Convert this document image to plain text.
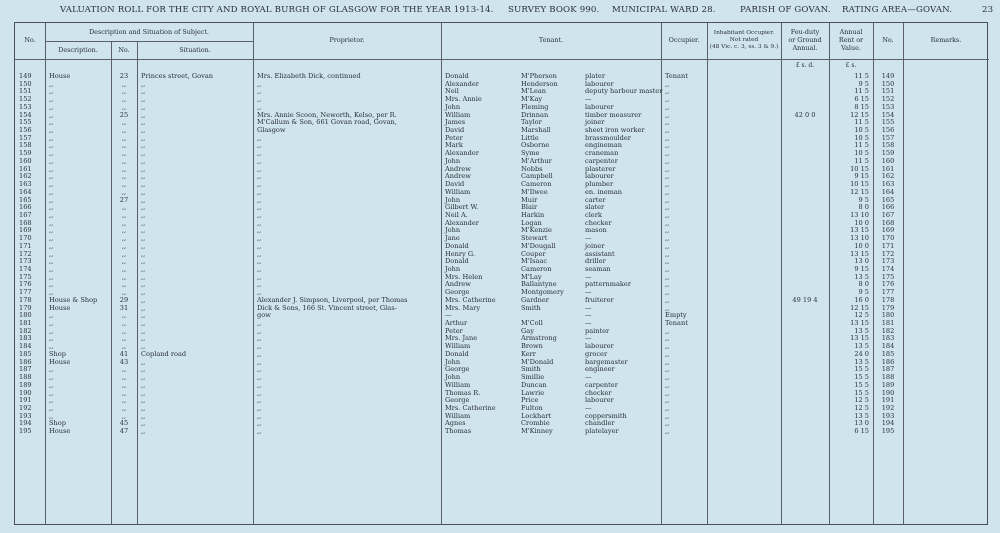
VALUATION ROLL FOR THE CITY AND ROYAL BURGH OF GLASGOW FOR THE YEAR 1913-14. SURVEY BOOK 990. MUNICIPAL WARD 28.	PARISH OF GOVAN. RATING AREA—GOVAN.	23
No.
Description and Situation of Subject.
Description.	No.	Situation.
Proprietor.	Tenant.	Occupier.
Inhabitant Occupier.
Not rated
(48 Vic. c. 3, ss. 3 & 9.)
Feu-duty
or Ground
Annual.
Annual
Rent or
Value.
No.	Remarks.
£ s. d.	£ s.
149	House	23	Princes street, Govan	Mrs. Elizabeth Dick, continued	Donald	M'Pherson	plater	Tenant	11 5	149
150	,,	,,	,,	,,	Alexander	Henderson	labourer	,,	9 5	150
151	,,	,,	,,	,,	Neil	M'Lean	deputy harbour master ,,	11 5	151
152	,,	,,	,,	,,	Mrs. Annie	M'Kay	—	,,	6 15	152
153	,,	,,	,,	,,	John	Fleming	labourer	,,	8 15	153
154	,,	25	,,	Mrs. Annie Scoon, Neworth, Kelso, per R.	William	Drinnan	timber measurer	,,	42 0 0	12 15	154
155	,,	,,	,,	M'Callum & Son, 661 Govan road, Govan,	James	Taylor	joiner	,,	11 5	155
156	,,	,,	,,	Glasgow	David	Marshall	sheet iron worker	,,	10 5	156
157	,,	,,	,,	,,	Peter	Little	brassmoulder	,,	10 5	157
158	,,	,,	,,	,,	Mark	Osborne	engineman	,,	11 5	158
159	,,	,,	,,	,,	Alexander	Syme	craneman	,,	10 5	159
160	,,	,,	,,	,,	John	M'Arthur	carpenter	,,	11 5	160
161	,,	,,	,,	,,	Andrew	Nobbs	plasterer	,,	10 15	161
162	,,	,,	,,	,,	Andrew	Campbell	labourer	,,	9 15	162
163	,,	,,	,,	,,	David	Cameron	plumber	,,	10 15	163
164	,,	,,	,,	,,	William	M'Ilwee	en. ineman	,,	12 15	164
165	,,	27	,,	,,	John	Muir	carter	,,	9 5	165
166	,,	,,	,,	,,	Gilbert W.	Blair	slater	,,	8 0	166
167	,,	,,	,,	,,	Neil A.	Harkin	clerk	,,	13 10	167
168	,,	,,	,,	,,	Alexander	Logan	checker	,,	10 0	168
169	,,	,,	,,	,,	John	M'Kenzie	mason	,,	13 15	169
170	,,	,,	,,	,,	Jane	Stewart	—	,,	13 10	170
171	,,	,,	,,	,,	Donald	M'Dougall	joiner	,,	10 0	171
172	,,	,,	,,	,,	Henry G.	Couper	assistant	,,	13 15	172
173	,,	,,	,,	,,	Donald	M'Isaac	driller	,,	13 0	173
174	,,	,,	,,	,,	John	Cameron	seaman	,,	9 15	174
175	,,	,,	,,	,,	Mrs. Helen	M'Lay	—	,,	13 5	175
176	,,	,,	,,	,,	Andrew	Ballantyne	patternmaker	,,	8 0	176
177	,,	,,	,,	,,	George	Montgomery	—	,,	9 5	177
178	House & Shop	29	,,	Alexander J. Simpson, Liverpool, per Thomas	Mrs. Catherine	Gardner	fruiterer	,,	49 19 4	16 0	178
179	House	31	,,	Dick & Sons, 166 St. Vincent street, Glas-	Mrs. Mary	Smith	—	,,	12 15	179
180	,,	,,	,,	gow	—	—	Empty	12 5	180
181	,,	,,	,,	,,	Arthur	M'Coll	—	Tenant	13 15	181
182	,,	,,	,,	,,	Peter	Gay	painter	,,	13 5	182
183	,,	,,	,,	,,	Mrs. Jane	Armstrong	—	,,	13 15	183
184	,,	,,	,,	,,	William	Brown	labourer	,,	13 5	184
185	Shop	41	Copland road	,,	Donald	Kerr	grocer	,,	24 0	185
186	House	43	,,	,,	John	M'Donald	bargemaster	,,	13 5	186
187	,,	,,	,,	,,	George	Smith	engineer	,,	15 5	187
188	,,	,,	,,	,,	John	Smillie	—	,,	15 5	188
189	,,	,,	,,	,,	William	Duncan	carpenter	,,	15 5	189
190	,,	,,	,,	,,	Thomas R.	Lawrie	checker	,,	15 5	190
191	,,	,,	,,	,,	George	Price	labourer	,,	12 5	191
192	,,	,,	,,	,,	Mrs. Catherine	Fulton	—	,,	12 5	192
193	,,	,,	,,	,,	William	Lockhart	coppersmith	,,	13 5	193
194	Shop	45	,,	,,	Agnes	Crombie	chandler	,,	13 0	194
195	House	47	,,	,,	Thomas	M'Kinney	platelayer	,,	6 15	195
